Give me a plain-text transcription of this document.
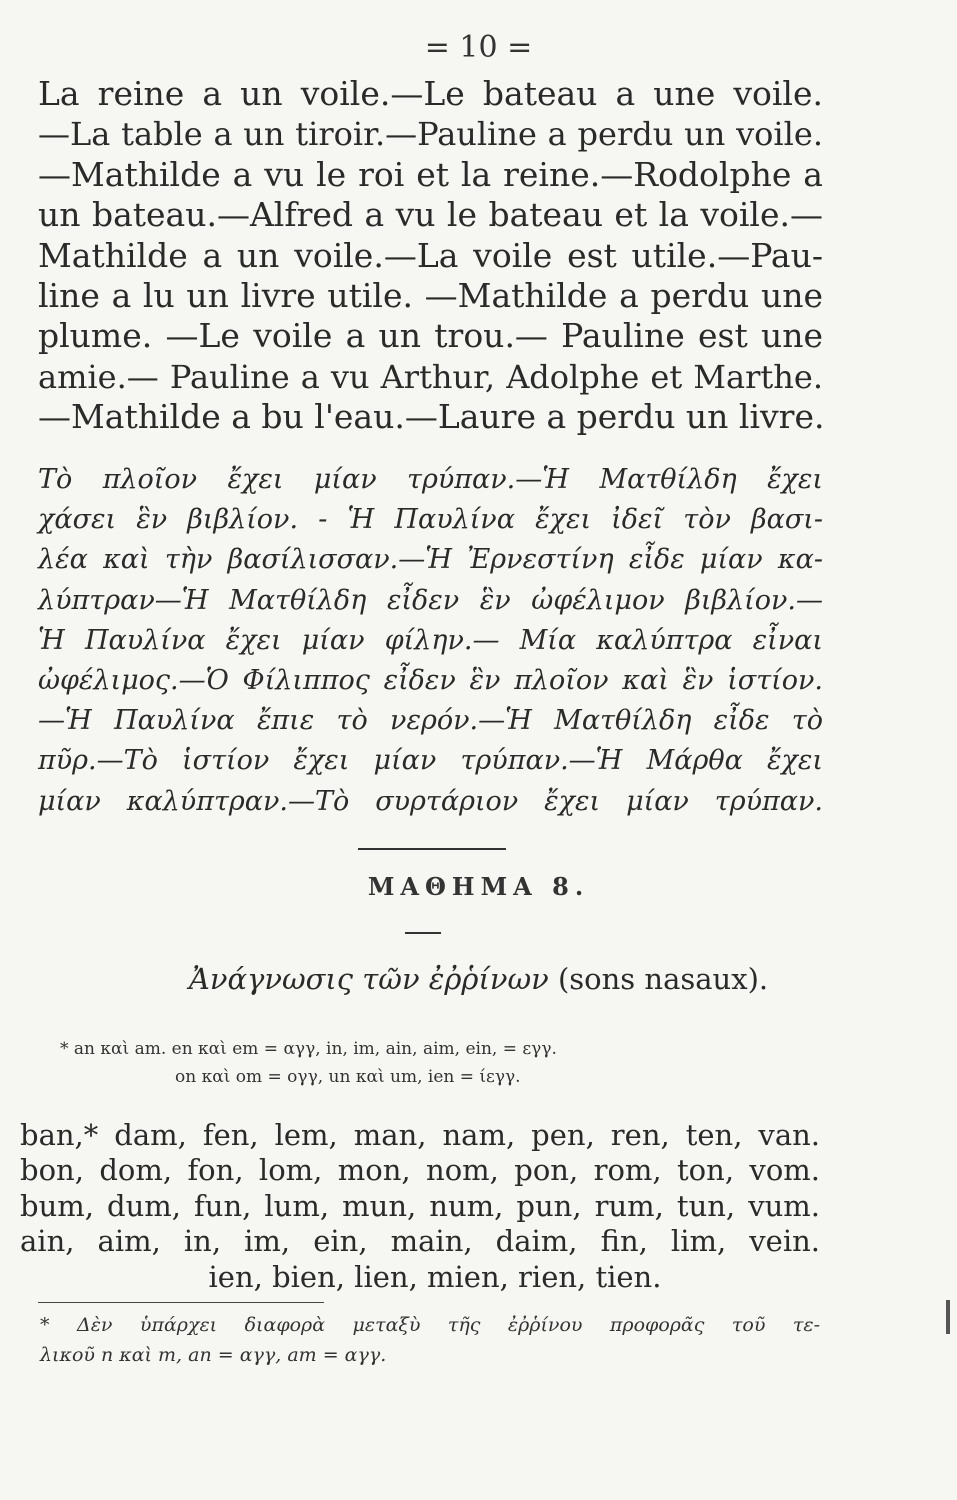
= 10 =
La reine a un voile.—Le bateau a une voile.
—La table a un tiroir.—Pauline a perdu un voile.
—Mathilde a vu le roi et la reine.—Rodolphe a
un bateau.—Alfred a vu le bateau et la voile.—
Mathilde a un voile.—La voile est utile.—Pau-
line a lu un livre utile. —Mathilde a perdu une
plume. —Le voile a un trou.— Pauline est une
amie.— Pauline a vu Arthur, Adolphe et Marthe.
—Mathilde a bu l'eau.—Laure a perdu un livre.
Τὸ πλοῖον ἔχει μίαν τρύπαν.—Ἡ Ματθίλδη ἔχει
χάσει ἓν βιβλίον. - Ἡ Παυλίνα ἔχει ἰδεῖ τὸν βασι-
λέα καὶ τὴν βασίλισσαν.—Ἡ Ἐρνεστίνη εἶδε μίαν κα-
λύπτραν—Ἡ Ματθίλδη εἶδεν ἓν ὠφέλιμον βιβλίον.—
Ἡ Παυλίνα ἔχει μίαν φίλην.— Μία καλύπτρα εἶναι
ὠφέλιμος.—Ὁ Φίλιππος εἶδεν ἓν πλοῖον καὶ ἓν ἱστίον.
—Ἡ Παυλίνα ἔπιε τὸ νερόν.—Ἡ Ματθίλδη εἶδε τὸ
πῦρ.—Τὸ ἱστίον ἔχει μίαν τρύπαν.—Ἡ Μάρθα ἔχει
μίαν καλύπτραν.—Τὸ συρτάριον ἔχει μίαν τρύπαν.
ΜΑΘΗΜΑ 8.
Ἀνάγνωσις τῶν ἐῤῥίνων (sons nasaux).
* an καὶ am. en καὶ em = αγγ, in, im, ain, aim, ein, = εγγ.
on καὶ om = ογγ, un καὶ um, ien = ίεγγ.
ban,* dam, fen, lem, man, nam, pen, ren, ten, van.
bon, dom, fon, lom, mon, nom, pon, rom, ton, vom.
bum, dum, fun, lum, mun, num, pun, rum, tun, vum.
ain, aim, in, im, ein, main, daim, fin, lim, vein.
ien, bien, lien, mien, rien, tien.
* Δὲν ὑπάρχει διαφορὰ μεταξὺ τῆς ἐῤῥίνου προφορᾶς τοῦ τε-
λικοῦ n καὶ m, an = αγγ, am = αγγ.
